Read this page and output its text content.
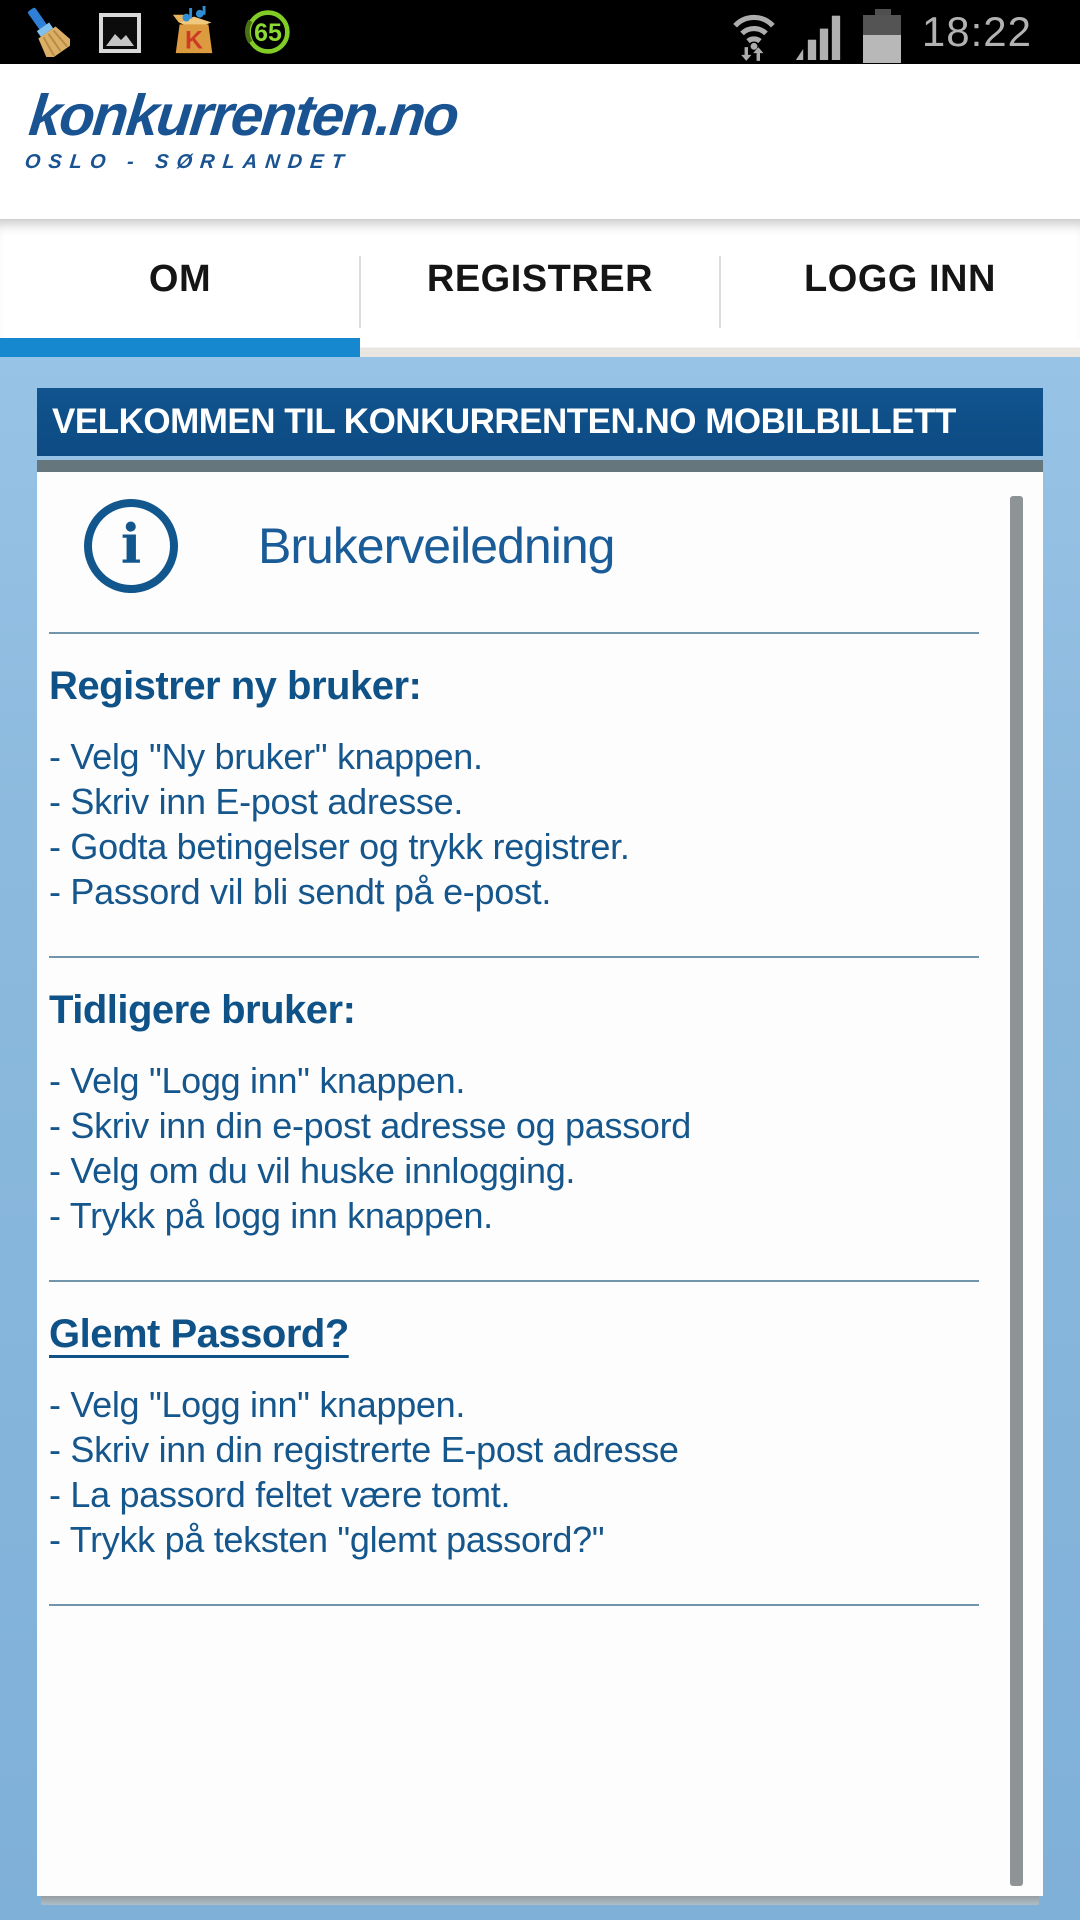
K 65	18:22
konkurrenten.no
OSLO - SØRLANDET
OM	REGISTRER	LOGG INN
VELKOMMEN TIL KONKURRENTEN.NO MOBILBILLETT
i Brukerveiledning
Registrer ny bruker:
- Velg "Ny bruker" knappen.
- Skriv inn E-post adresse.
- Godta betingelser og trykk registrer.
- Passord vil bli sendt på e-post.
Tidligere bruker:
- Velg "Logg inn" knappen.
- Skriv inn din e-post adresse og passord
- Velg om du vil huske innlogging.
- Trykk på logg inn knappen.
Glemt Passord?
- Velg "Logg inn" knappen.
- Skriv inn din registrerte E-post adresse
- La passord feltet være tomt.
- Trykk på teksten "glemt passord?"
